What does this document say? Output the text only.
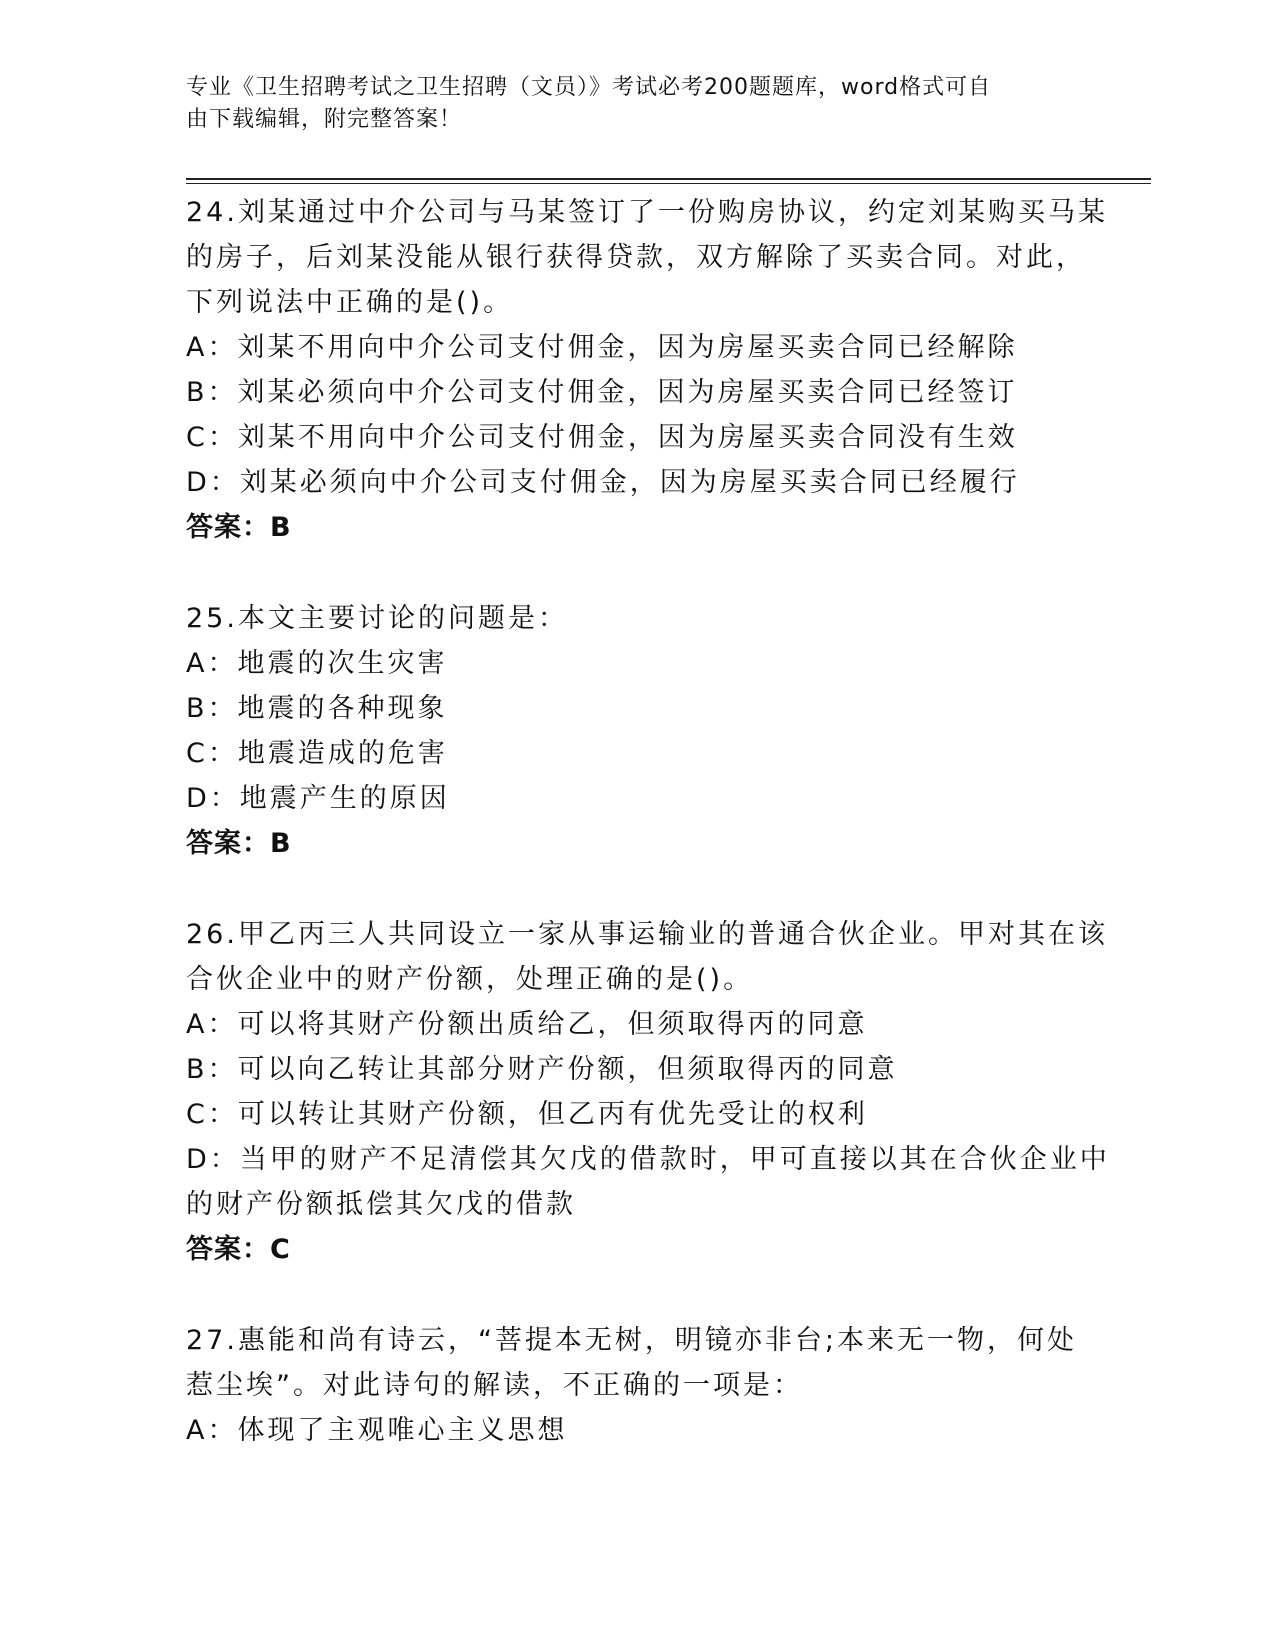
专业《卫生招聘考试之卫生招聘（文员）》考试必考200题题库，word格式可自
由下载编辑，附完整答案！
24.刘某通过中介公司与马某签订了一份购房协议，约定刘某购买马某
的房子，后刘某没能从银行获得贷款，双方解除了买卖合同。对此，
下列说法中正确的是()。
A：刘某不用向中介公司支付佣金，因为房屋买卖合同已经解除
B：刘某必须向中介公司支付佣金，因为房屋买卖合同已经签订
C：刘某不用向中介公司支付佣金，因为房屋买卖合同没有生效
D：刘某必须向中介公司支付佣金，因为房屋买卖合同已经履行
答案：B
25.本文主要讨论的问题是：
A：地震的次生灾害
B：地震的各种现象
C：地震造成的危害
D：地震产生的原因
答案：B
26.甲乙丙三人共同设立一家从事运输业的普通合伙企业。甲对其在该
合伙企业中的财产份额，处理正确的是()。
A：可以将其财产份额出质给乙，但须取得丙的同意
B：可以向乙转让其部分财产份额，但须取得丙的同意
C：可以转让其财产份额，但乙丙有优先受让的权利
D：当甲的财产不足清偿其欠戊的借款时，甲可直接以其在合伙企业中
的财产份额抵偿其欠戊的借款
答案：C
27.惠能和尚有诗云，“菩提本无树，明镜亦非台;本来无一物，何处
惹尘埃”。对此诗句的解读，不正确的一项是：
A：体现了主观唯心主义思想
